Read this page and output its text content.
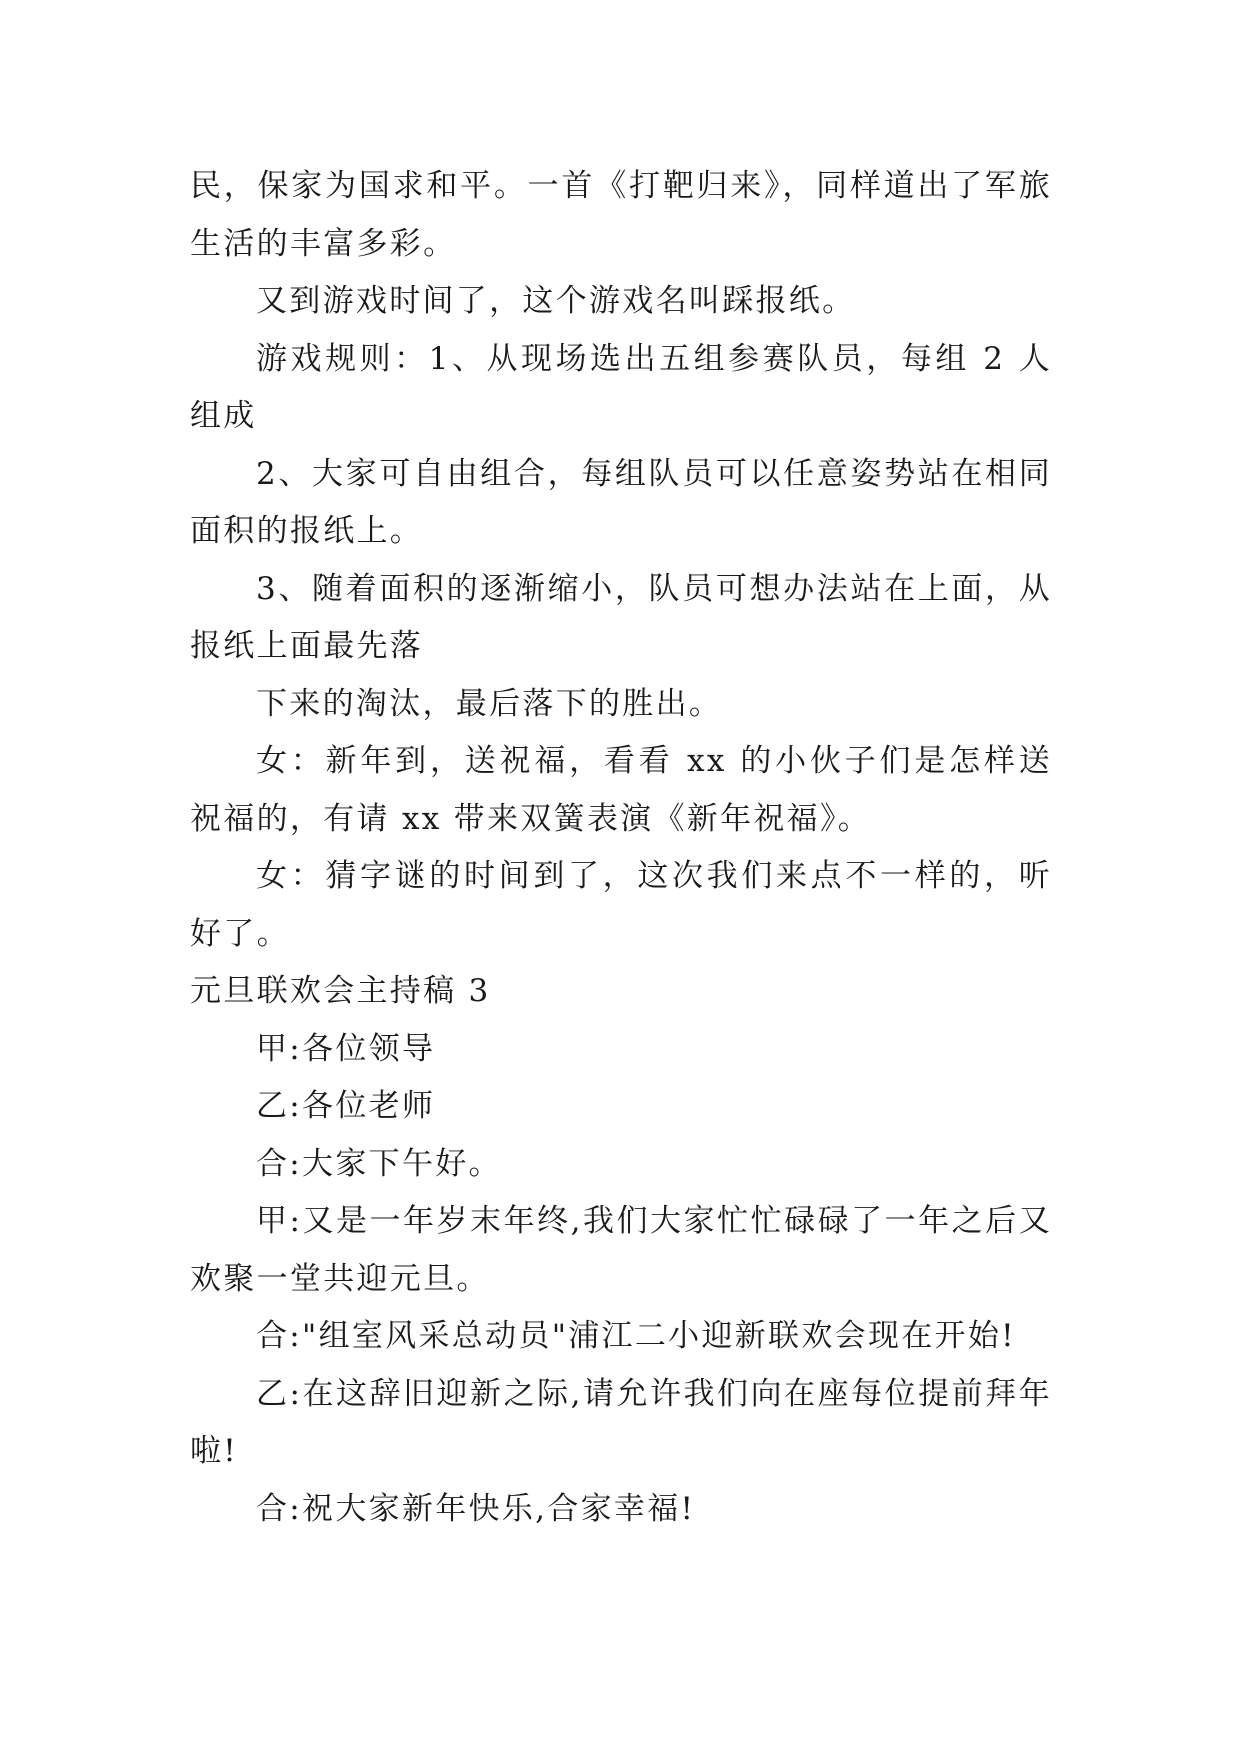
民，保家为国求和平。一首《打靶归来》，同样道出了军旅生活的丰富多彩。

又到游戏时间了，这个游戏名叫踩报纸。

游戏规则：1、从现场选出五组参赛队员，每组 2 人组成

2、大家可自由组合，每组队员可以任意姿势站在相同面积的报纸上。

3、随着面积的逐渐缩小，队员可想办法站在上面，从报纸上面最先落

下来的淘汰，最后落下的胜出。

女：新年到，送祝福，看看 xx 的小伙子们是怎样送祝福的，有请 xx 带来双簧表演《新年祝福》。

女：猜字谜的时间到了，这次我们来点不一样的，听好了。

元旦联欢会主持稿 3

甲:各位领导

乙:各位老师

合:大家下午好。

甲:又是一年岁末年终,我们大家忙忙碌碌了一年之后又欢聚一堂共迎元旦。

合:"组室风采总动员"浦江二小迎新联欢会现在开始!

乙:在这辞旧迎新之际,请允许我们向在座每位提前拜年啦!

合:祝大家新年快乐,合家幸福!
